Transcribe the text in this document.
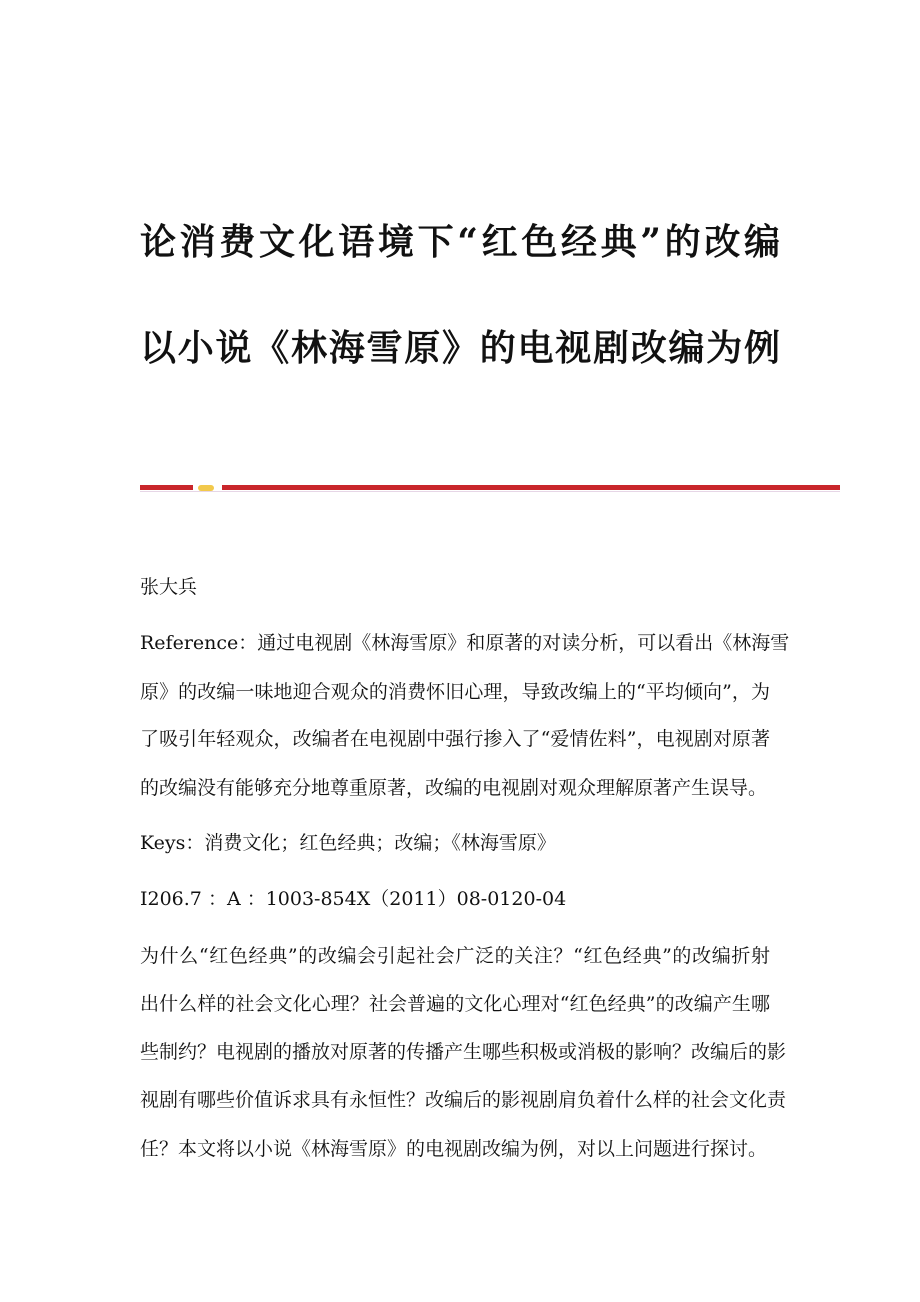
论消费文化语境下“红色经典”的改编
以小说《林海雪原》的电视剧改编为例
张大兵
Reference：通过电视剧《林海雪原》和原著的对读分析，可以看出《林海雪
原》的改编一味地迎合观众的消费怀旧心理，导致改编上的“平均倾向”，为
了吸引年轻观众，改编者在电视剧中强行掺入了“爱情佐料”，电视剧对原著
的改编没有能够充分地尊重原著，改编的电视剧对观众理解原著产生误导。
Keys：消费文化；红色经典；改编；《林海雪原》
I206.7 ：A ：1003-854X（2011）08-0120-04
为什么“红色经典”的改编会引起社会广泛的关注？“红色经典”的改编折射
出什么样的社会文化心理？社会普遍的文化心理对“红色经典”的改编产生哪
些制约？电视剧的播放对原著的传播产生哪些积极或消极的影响？改编后的影
视剧有哪些价值诉求具有永恒性？改编后的影视剧肩负着什么样的社会文化责
任？本文将以小说《林海雪原》的电视剧改编为例，对以上问题进行探讨。
